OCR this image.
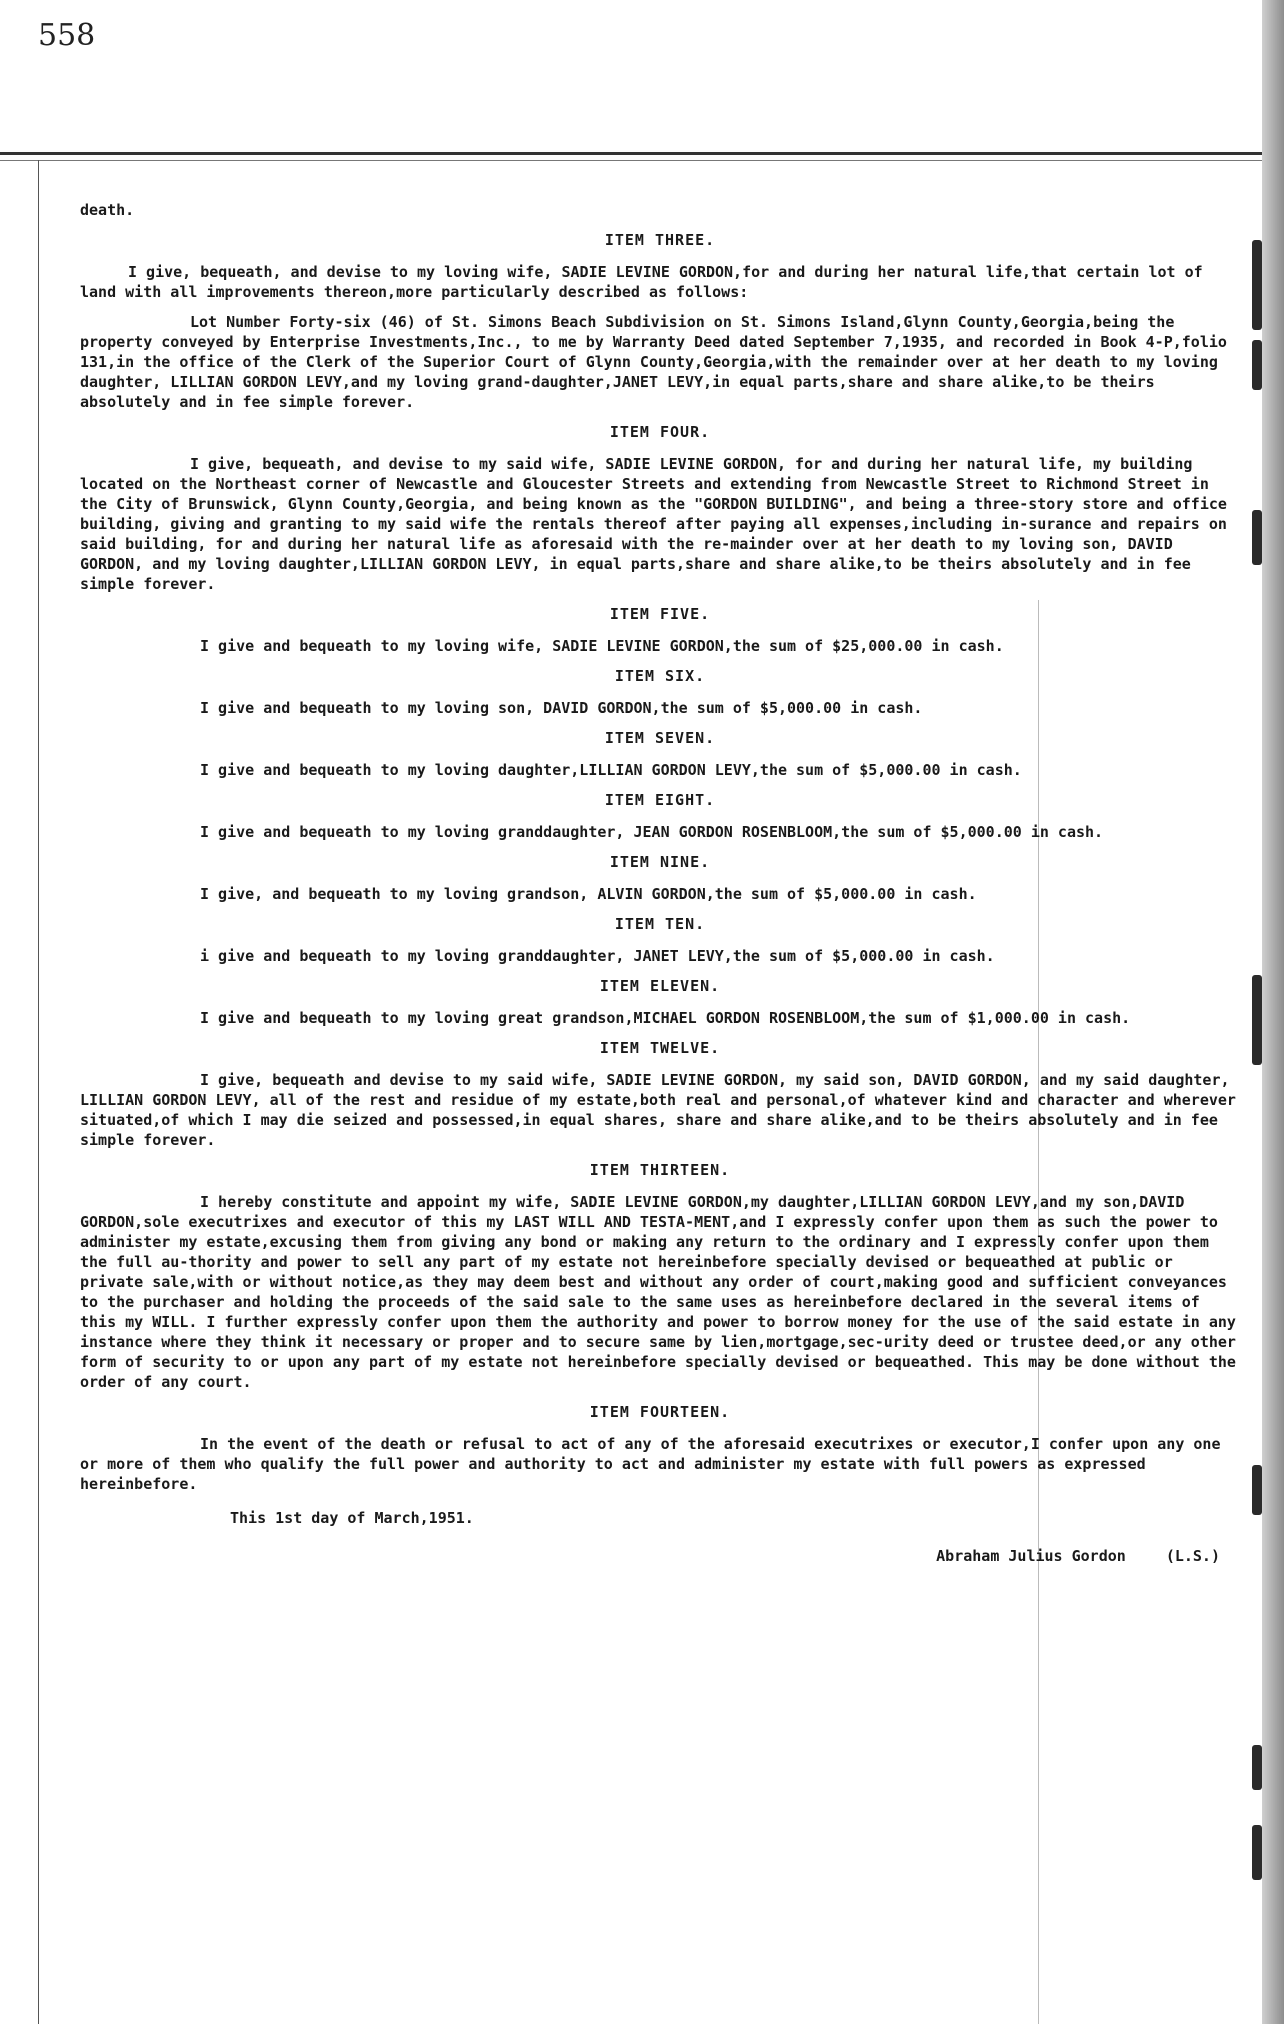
558
death.
ITEM THREE.
I give, bequeath, and devise to my loving wife, SADIE LEVINE GORDON,for and during her natural life,that certain lot of land with all improvements thereon,more particularly described as follows:
Lot Number Forty-six (46) of St. Simons Beach Subdivision on St. Simons Island,Glynn County,Georgia,being the property conveyed by Enterprise Investments,Inc., to me by Warranty Deed dated September 7,1935, and recorded in Book 4-P,folio 131,in the office of the Clerk of the Superior Court of Glynn County,Georgia,with the remainder over at her death to my loving daughter, LILLIAN GORDON LEVY,and my loving grand-daughter,JANET LEVY,in equal parts,share and share alike,to be theirs absolutely and in fee simple forever.
ITEM FOUR.
I give, bequeath, and devise to my said wife, SADIE LEVINE GORDON, for and during her natural life, my building located on the Northeast corner of Newcastle and Gloucester Streets and extending from Newcastle Street to Richmond Street in the City of Brunswick, Glynn County,Georgia, and being known as the "GORDON BUILDING", and being a three-story store and office building, giving and granting to my said wife the rentals thereof after paying all expenses,including in-surance and repairs on said building, for and during her natural life as aforesaid with the re-mainder over at her death to my loving son, DAVID GORDON, and my loving daughter,LILLIAN GORDON LEVY, in equal parts,share and share alike,to be theirs absolutely and in fee simple forever.
ITEM FIVE.
I give and bequeath to my loving wife, SADIE LEVINE GORDON,the sum of $25,000.00 in cash.
ITEM SIX.
I give and bequeath to my loving son, DAVID GORDON,the sum of $5,000.00 in cash.
ITEM SEVEN.
I give and bequeath to my loving daughter,LILLIAN GORDON LEVY,the sum of $5,000.00 in cash.
ITEM EIGHT.
I give and bequeath to my loving granddaughter, JEAN GORDON ROSENBLOOM,the sum of $5,000.00 in cash.
ITEM NINE.
I give, and bequeath to my loving grandson, ALVIN GORDON,the sum of $5,000.00 in cash.
ITEM TEN.
i give and bequeath to my loving granddaughter, JANET LEVY,the sum of $5,000.00 in cash.
ITEM ELEVEN.
I give and bequeath to my loving great grandson,MICHAEL GORDON ROSENBLOOM,the sum of $1,000.00 in cash.
ITEM TWELVE.
I give, bequeath and devise to my said wife, SADIE LEVINE GORDON, my said son, DAVID GORDON, and my said daughter, LILLIAN GORDON LEVY, all of the rest and residue of my estate,both real and personal,of whatever kind and character and wherever situated,of which I may die seized and possessed,in equal shares, share and share alike,and to be theirs absolutely and in fee simple forever.
ITEM THIRTEEN.
I hereby constitute and appoint my wife, SADIE LEVINE GORDON,my daughter,LILLIAN GORDON LEVY,and my son,DAVID GORDON,sole executrixes and executor of this my LAST WILL AND TESTA-MENT,and I expressly confer upon them as such the power to administer my estate,excusing them from giving any bond or making any return to the ordinary and I expressly confer upon them the full au-thority and power to sell any part of my estate not hereinbefore specially devised or bequeathed at public or private sale,with or without notice,as they may deem best and without any order of court,making good and sufficient conveyances to the purchaser and holding the proceeds of the said sale to the same uses as hereinbefore declared in the several items of this my WILL. I further expressly confer upon them the authority and power to borrow money for the use of the said estate in any instance where they think it necessary or proper and to secure same by lien,mortgage,sec-urity deed or trustee deed,or any other form of security to or upon any part of my estate not hereinbefore specially devised or bequeathed. This may be done without the order of any court.
ITEM FOURTEEN.
In the event of the death or refusal to act of any of the aforesaid executrixes or executor,I confer upon any one or more of them who qualify the full power and authority to act and administer my estate with full powers as expressed hereinbefore.
This 1st day of March,1951.
Abraham Julius Gordon	(L.S.)
